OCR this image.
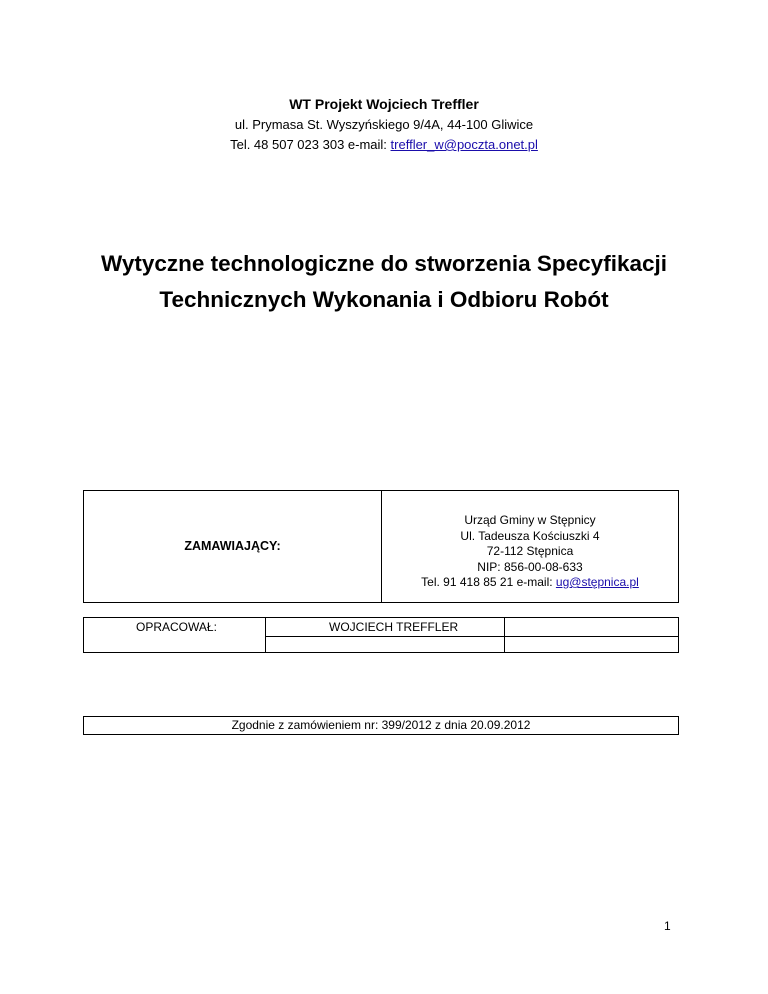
WT Projekt Wojciech Treffler
ul. Prymasa St. Wyszyńskiego 9/4A, 44-100 Gliwice
Tel. 48 507 023 303 e-mail: treffler_w@poczta.onet.pl
Wytyczne technologiczne do stworzenia Specyfikacji
Technicznych Wykonania i Odbioru Robót
ZAMAWIAJĄCY:
Urząd Gminy w Stępnicy
Ul. Tadeusza Kościuszki 4
72-112 Stępnica
NIP: 856-00-08-633
Tel. 91 418 85 21 e-mail: ug@stępnica.pl
OPRACOWAŁ:	WOJCIECH TREFFLER
Zgodnie z zamówieniem nr: 399/2012 z dnia 20.09.2012
1
